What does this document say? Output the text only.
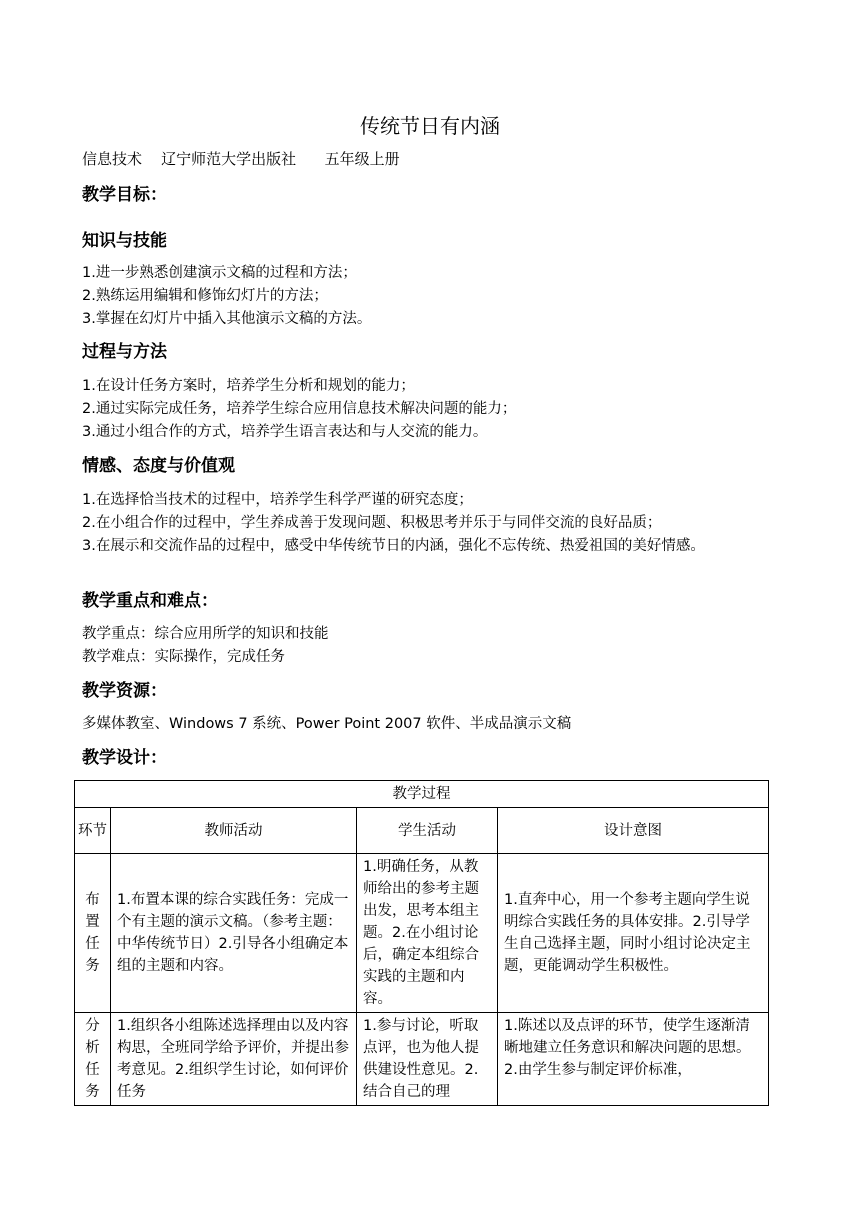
传统节日有内涵
信息技术    辽宁师范大学出版社      五年级上册
教学目标：
知识与技能
1.进一步熟悉创建演示文稿的过程和方法；
2.熟练运用编辑和修饰幻灯片的方法；
3.掌握在幻灯片中插入其他演示文稿的方法。
过程与方法
1.在设计任务方案时，培养学生分析和规划的能力；
2.通过实际完成任务，培养学生综合应用信息技术解决问题的能力；
3.通过小组合作的方式，培养学生语言表达和与人交流的能力。
情感、态度与价值观
1.在选择恰当技术的过程中，培养学生科学严谨的研究态度；
2.在小组合作的过程中，学生养成善于发现问题、积极思考并乐于与同伴交流的良好品质；
3.在展示和交流作品的过程中，感受中华传统节日的内涵，强化不忘传统、热爱祖国的美好情感。
教学重点和难点：
教学重点：综合应用所学的知识和技能
教学难点：实际操作，完成任务
教学资源：
多媒体教室、Windows 7 系统、Power Point 2007 软件、半成品演示文稿
教学设计：
教学过程			
环节	教师活动	学生活动	设计意图
布置任务	1.布置本课的综合实践任务：完成一个有主题的演示文稿。（参考主题：中华传统节日）2.引导各小组确定本组的主题和内容。	1.明确任务，从教师给出的参考主题出发，思考本组主题。2.在小组讨论后，确定本组综合实践的主题和内容。	1.直奔中心，用一个参考主题向学生说明综合实践任务的具体安排。2.引导学生自己选择主题，同时小组讨论决定主题，更能调动学生积极性。
分析任务	1.组织各小组陈述选择理由以及内容构思，全班同学给予评价，并提出参考意见。2.组织学生讨论，如何评价任务	1.参与讨论，听取点评，也为他人提供建设性意见。2.结合自己的理	1.陈述以及点评的环节，使学生逐渐清晰地建立任务意识和解决问题的思想。2.由学生参与制定评价标准，
